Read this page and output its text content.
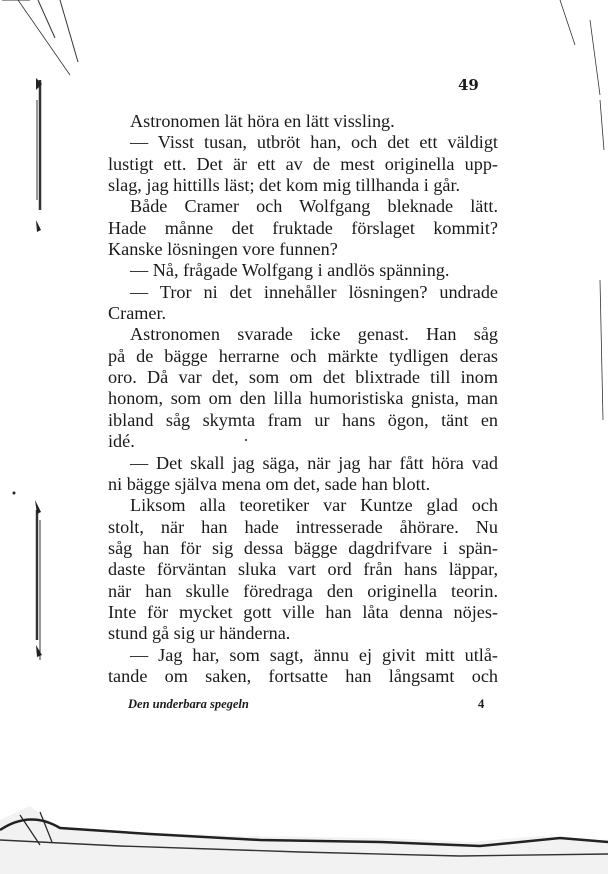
49
Astronomen lät höra en lätt vissling.
— Visst tusan, utbröt han, och det ett väldigt
lustigt ett. Det är ett av de mest originella upp-
slag, jag hittills läst; det kom mig tillhanda i går.
Både Cramer och Wolfgang bleknade lätt.
Hade månne det fruktade förslaget kommit?
Kanske lösningen vore funnen?
— Nå, frågade Wolfgang i andlös spänning.
— Tror ni det innehåller lösningen? undrade
Cramer.
Astronomen svarade icke genast. Han såg
på de bägge herrarne och märkte tydligen deras
oro. Då var det, som om det blixtrade till inom
honom, som om den lilla humoristiska gnista, man
ibland såg skymta fram ur hans ögon, tänt en
idé.
— Det skall jag säga, när jag har fått höra vad
ni bägge själva mena om det, sade han blott.
Liksom alla teoretiker var Kuntze glad och
stolt, när han hade intresserade åhörare. Nu
såg han för sig dessa bägge dagdrifvare i spän-
daste förväntan sluka vart ord från hans läppar,
när han skulle föredraga den originella teorin.
Inte för mycket gott ville han låta denna nöjes-
stund gå sig ur händerna.
— Jag har, som sagt, ännu ej givit mitt utlå-
tande om saken, fortsatte han långsamt och
Den underbara spegeln	4
